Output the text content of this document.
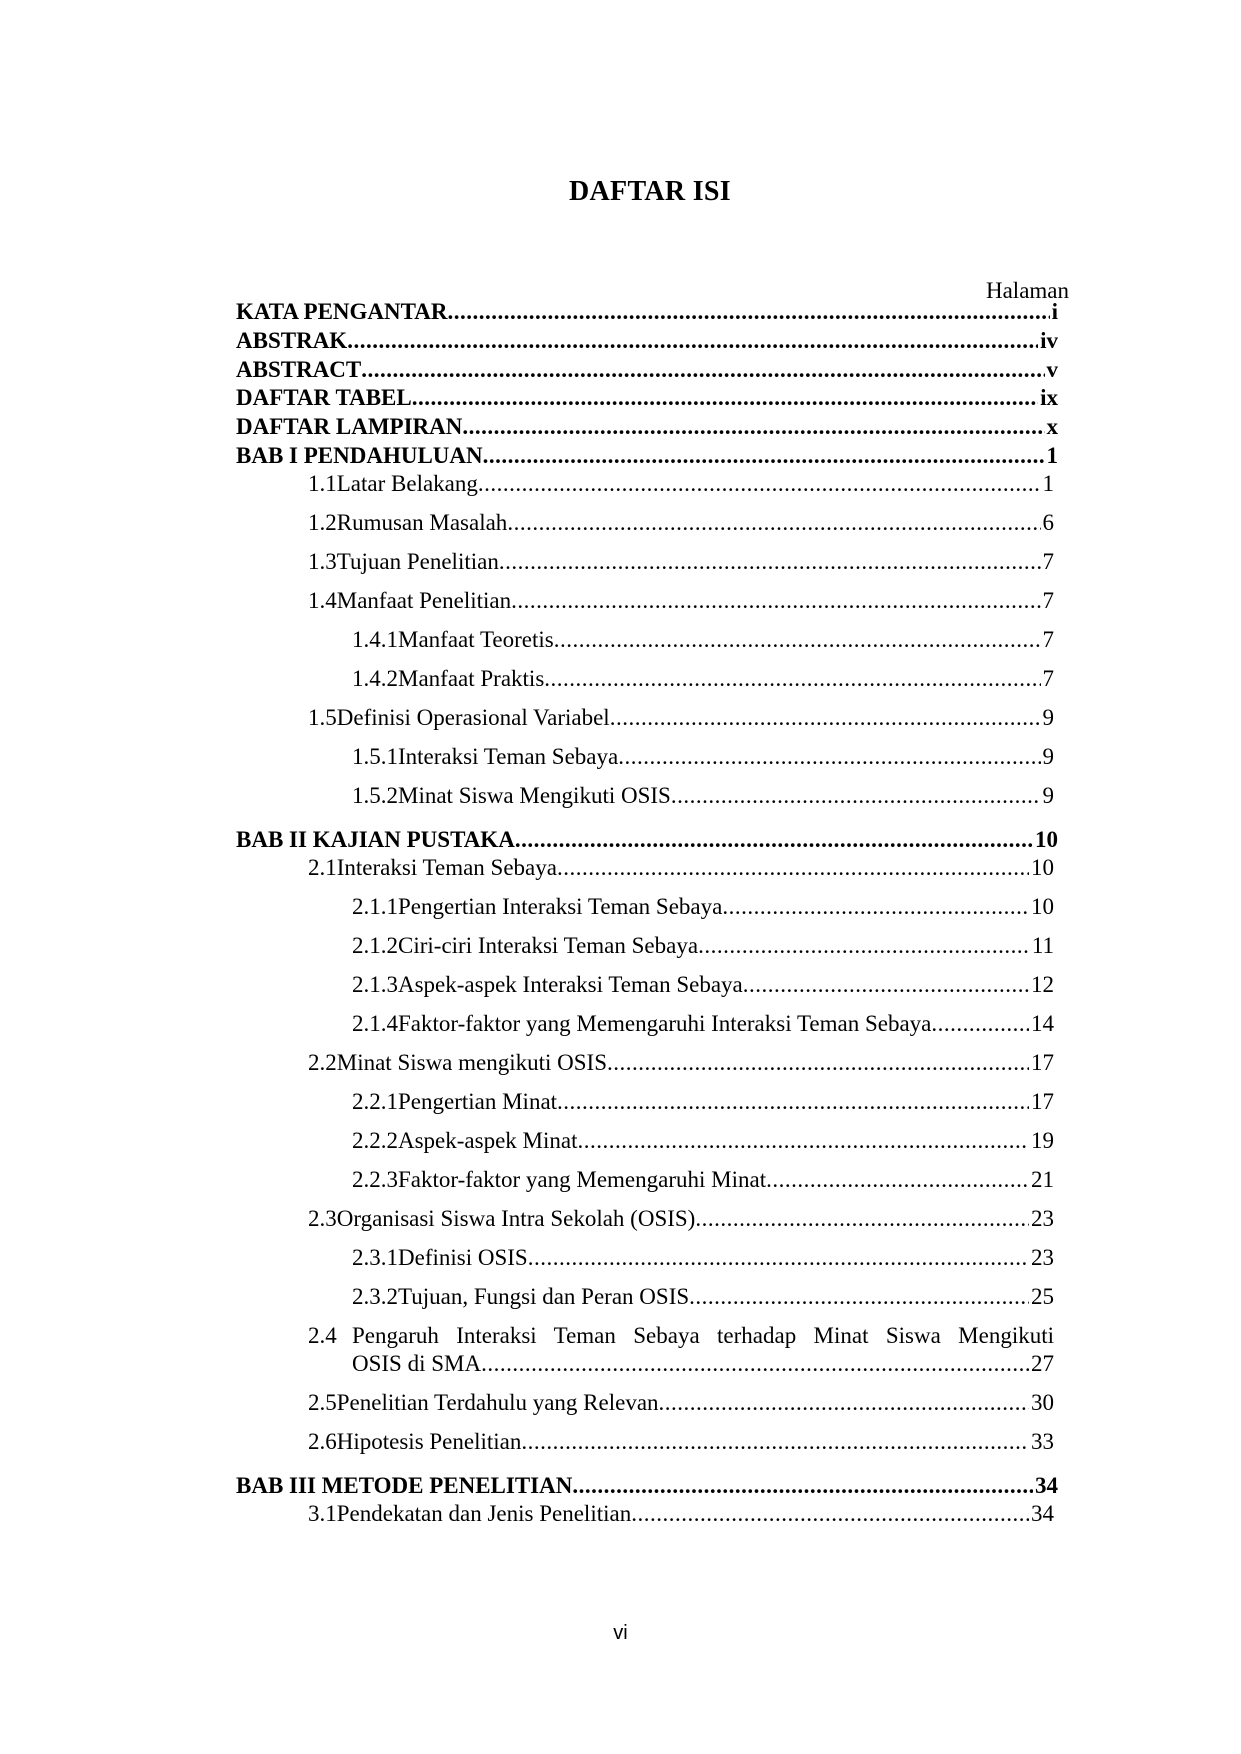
DAFTAR ISI
Halaman
KATA PENGANTAR .....	i
ABSTRAK .....	iv
ABSTRACT .....	v
DAFTAR TABEL .....	ix
DAFTAR LAMPIRAN .....	x
BAB I PENDAHULUAN .....	1
1.1 Latar Belakang .....	1
1.2 Rumusan Masalah .....	6
1.3 Tujuan Penelitian .....	7
1.4 Manfaat Penelitian .....	7
1.4.1 Manfaat Teoretis .....	7
1.4.2 Manfaat Praktis .....	7
1.5 Definisi Operasional Variabel .....	9
1.5.1 Interaksi Teman Sebaya .....	9
1.5.2 Minat Siswa Mengikuti OSIS .....	9
BAB II KAJIAN PUSTAKA .....	10
2.1 Interaksi Teman Sebaya .....	10
2.1.1 Pengertian Interaksi Teman Sebaya .....	10
2.1.2 Ciri-ciri Interaksi Teman Sebaya .....	11
2.1.3 Aspek-aspek Interaksi Teman Sebaya .....	12
2.1.4 Faktor-faktor yang Memengaruhi Interaksi Teman Sebaya .....	14
2.2 Minat Siswa mengikuti OSIS .....	17
2.2.1 Pengertian Minat .....	17
2.2.2 Aspek-aspek Minat .....	19
2.2.3 Faktor-faktor yang Memengaruhi Minat .....	21
2.3 Organisasi Siswa Intra Sekolah (OSIS) .....	23
2.3.1 Definisi OSIS .....	23
2.3.2 Tujuan, Fungsi dan Peran OSIS .....	25
2.4 Pengaruh Interaksi Teman Sebaya terhadap Minat Siswa Mengikuti
OSIS di SMA .....	27
2.5 Penelitian Terdahulu yang Relevan .....	30
2.6 Hipotesis Penelitian .....	33
BAB III METODE PENELITIAN .....	34
3.1 Pendekatan dan Jenis Penelitian .....	34
vi
